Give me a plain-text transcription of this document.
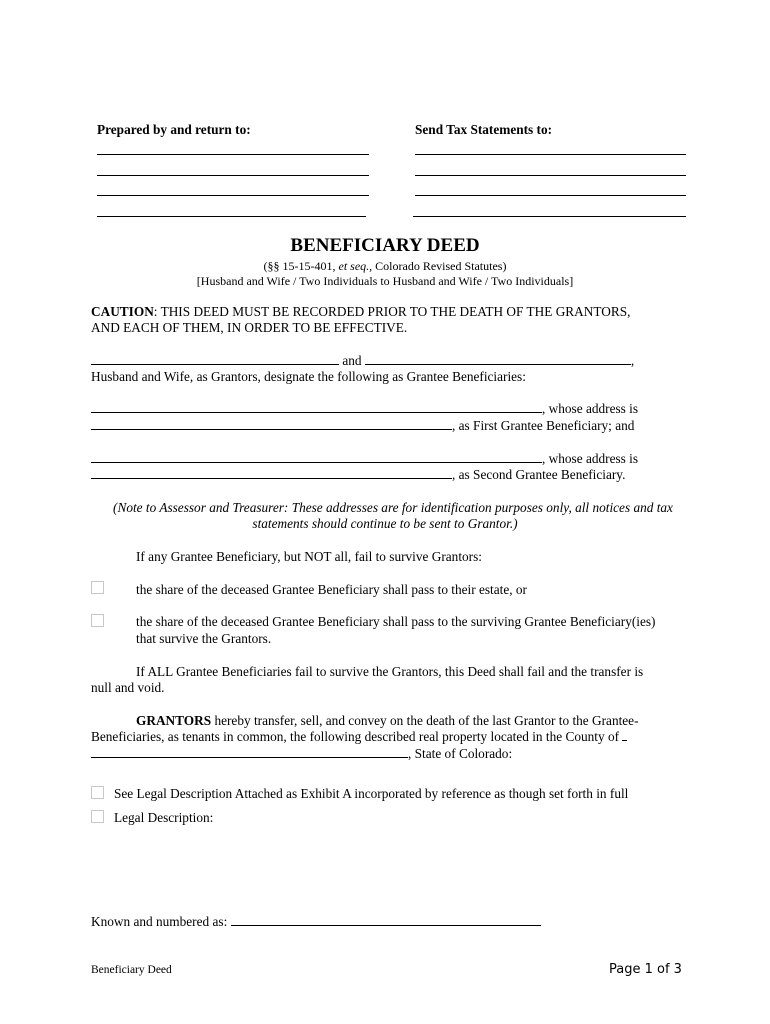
Prepared by and return to:	Send Tax Statements to:
BENEFICIARY DEED
(§§ 15-15-401, et seq., Colorado Revised Statutes)
[Husband and Wife / Two Individuals to Husband and Wife / Two Individuals]
CAUTION: THIS DEED MUST BE RECORDED PRIOR TO THE DEATH OF THE GRANTORS,
AND EACH OF THEM, IN ORDER TO BE EFFECTIVE.
and	,
Husband and Wife, as Grantors, designate the following as Grantee Beneficiaries:
, whose address is
, as First Grantee Beneficiary; and
, whose address is
, as Second Grantee Beneficiary.
(Note to Assessor and Treasurer: These addresses are for identification purposes only, all notices and tax
statements should continue to be sent to Grantor.)
If any Grantee Beneficiary, but NOT all, fail to survive Grantors:
the share of the deceased Grantee Beneficiary shall pass to their estate, or
the share of the deceased Grantee Beneficiary shall pass to the surviving Grantee Beneficiary(ies)
that survive the Grantors.
If ALL Grantee Beneficiaries fail to survive the Grantors, this Deed shall fail and the transfer is
null and void.
GRANTORS hereby transfer, sell, and convey on the death of the last Grantor to the Grantee-
Beneficiaries, as tenants in common, the following described real property located in the County of
, State of Colorado:
See Legal Description Attached as Exhibit A incorporated by reference as though set forth in full
Legal Description:
Known and numbered as:
Beneficiary Deed	Page 1 of 3
